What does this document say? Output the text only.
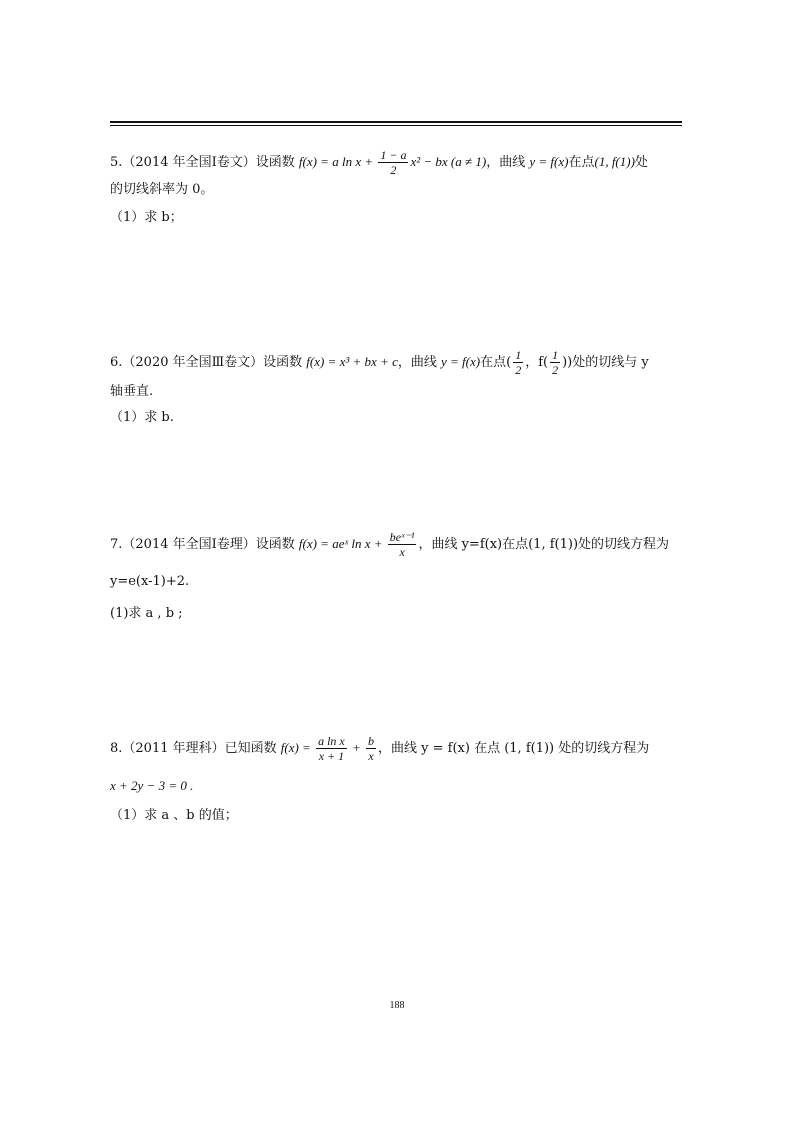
5.（2014 年全国Ⅰ卷文）设函数 f(x) = a $\ln x + \frac{1 - a}{2} x^2$ − bx (a ≠ 1)，曲线 y = f(x)在点(1, f(1))处
的切线斜率为 0。
（1）求 b；
6.（2020 年全国Ⅲ卷文）设函数 f(x) = x³ + bx + c，曲线 y = f(x)在点( $\frac{1}{2}$ ，$f( \frac{1}{2}$ ))处的切线与 y
轴垂直.
（1）求 b.
7.（2014 年全国Ⅰ卷理）设函数 f(x) = aeˣ $\ln x + \frac{\text{beˣ⁻¹}}{x}$ ，曲线 y=f(x)在点(1, f(1))处的切线方程为
y=e(x-1)+2.
(1)求 a , b ;
8.（2011 年理科）已知函数 $f(x) = \frac{\text{a ln x}}{x + 1} + \frac{b}{x}$ ，曲线 y = f(x) 在点 (1, f(1)) 处的切线方程为
x + 2y − 3 = 0 .
（1）求 a 、b 的值；
188
